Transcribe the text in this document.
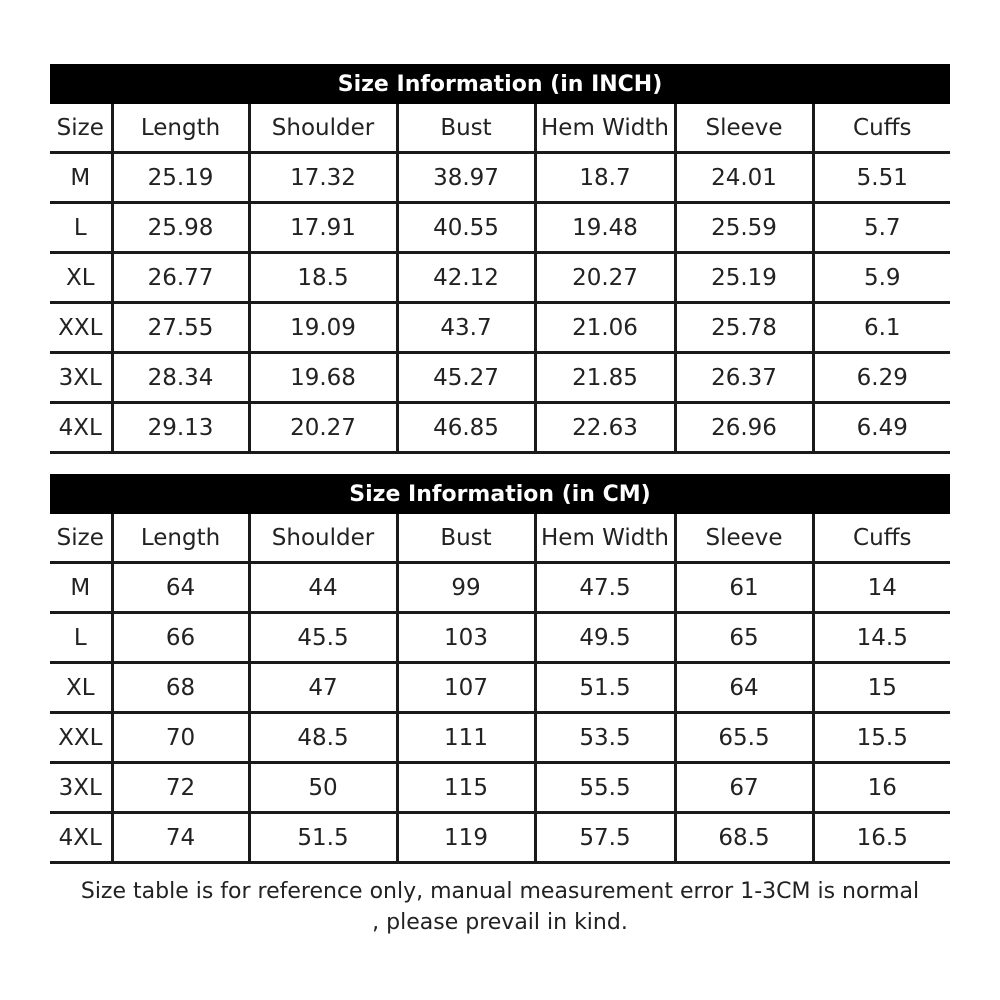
Size Information (in INCH)						
Size	Length	Shoulder	Bust	Hem Width	Sleeve	Cuffs
M	25.19	17.32	38.97	18.7	24.01	5.51
L	25.98	17.91	40.55	19.48	25.59	5.7
XL	26.77	18.5	42.12	20.27	25.19	5.9
XXL	27.55	19.09	43.7	21.06	25.78	6.1
3XL	28.34	19.68	45.27	21.85	26.37	6.29
4XL	29.13	20.27	46.85	22.63	26.96	6.49
Size Information (in CM)						
Size	Length	Shoulder	Bust	Hem Width	Sleeve	Cuffs
M	64	44	99	47.5	61	14
L	66	45.5	103	49.5	65	14.5
XL	68	47	107	51.5	64	15
XXL	70	48.5	111	53.5	65.5	15.5
3XL	72	50	115	55.5	67	16
4XL	74	51.5	119	57.5	68.5	16.5
Size table is for reference only, manual measurement error 1-3CM is normal
, please prevail in kind.
